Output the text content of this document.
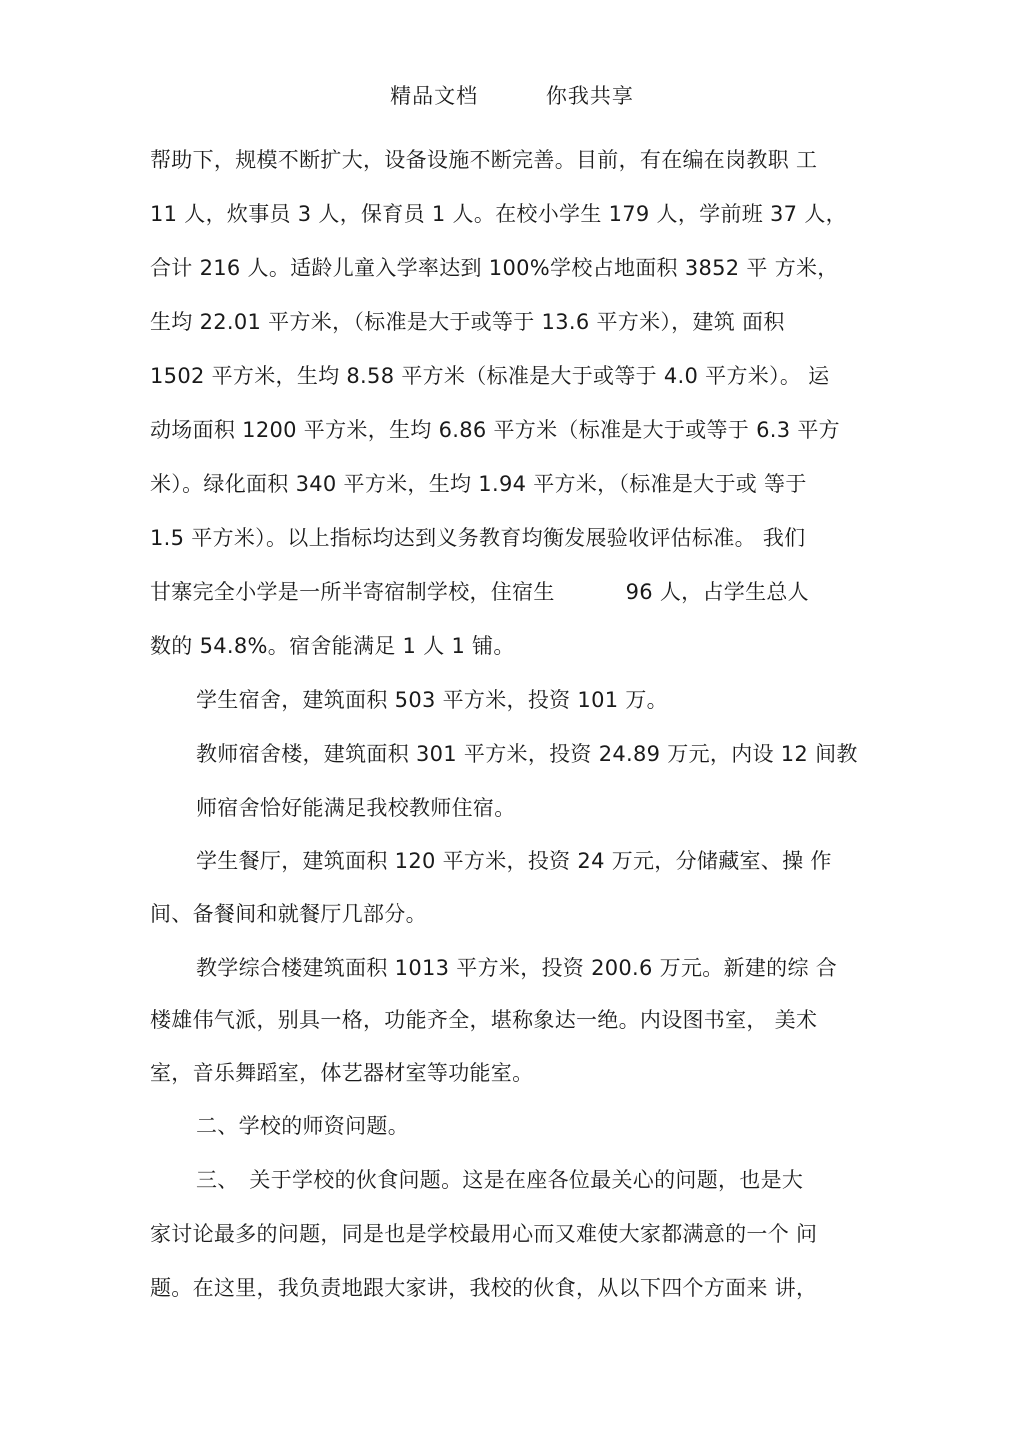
精品文档	你我共享
帮助下，规模不断扩大，设备设施不断完善。目前，有在编在岗教职 工
11 人，炊事员 3 人，保育员 1 人。在校小学生 179 人，学前班 37 人，
合计 216 人。适龄儿童入学率达到 100%学校占地面积 3852 平 方米，
生均 22.01 平方米，（标准是大于或等于 13.6 平方米），建筑 面积
1502 平方米，生均 8.58 平方米（标准是大于或等于 4.0 平方米）。 运
动场面积 1200 平方米，生均 6.86 平方米（标准是大于或等于 6.3 平方
米）。绿化面积 340 平方米，生均 1.94 平方米，（标准是大于或 等于
1.5 平方米）。以上指标均达到义务教育均衡发展验收评估标准。 我们
甘寨完全小学是一所半寄宿制学校，住宿生　　　 96 人，占学生总人
数的 54.8%。宿舍能满足 1 人 1 铺。
学生宿舍，建筑面积 503 平方米，投资 101 万。
教师宿舍楼，建筑面积 301 平方米，投资 24.89 万元，内设 12 间教
师宿舍恰好能满足我校教师住宿。
学生餐厅，建筑面积 120 平方米，投资 24 万元，分储藏室、操 作
间、备餐间和就餐厅几部分。
教学综合楼建筑面积 1013 平方米，投资 200.6 万元。新建的综 合
楼雄伟气派，别具一格，功能齐全，堪称象达一绝。内设图书室， 美术
室，音乐舞蹈室，体艺器材室等功能室。
二、学校的师资问题。
三、　关于学校的伙食问题。这是在座各位最关心的问题，也是大
家讨论最多的问题，同是也是学校最用心而又难使大家都满意的一个 问
题。在这里，我负责地跟大家讲，我校的伙食，从以下四个方面来 讲，
